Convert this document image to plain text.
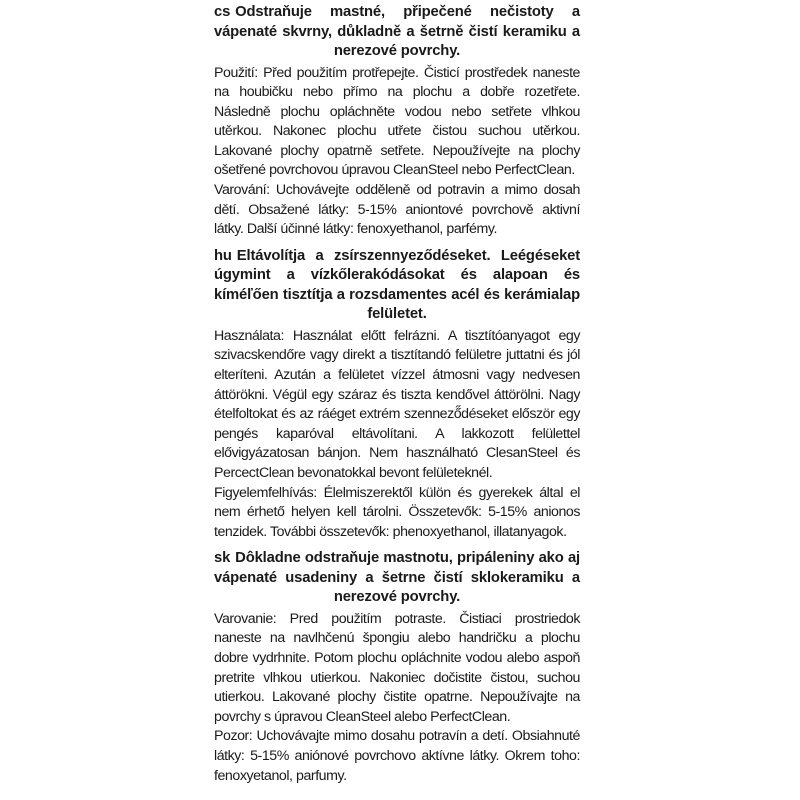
cs Odstraňuje mastné, připečené nečistoty a vápenaté skvrny, důkladně a šetrně čistí keramiku a nerezové povrchy.

Použití: Před použitím protřepejte. Čisticí prostředek naneste na houbičku nebo přímo na plochu a dobře rozetřete. Následně plochu opláchněte vodou nebo setřete vlhkou utěrkou. Nakonec plochu utřete čistou suchou utěrkou. Lakované plochy opatrně setřete. Nepoužívejte na plochy ošetřené povrchovou úpravou CleanSteel nebo PerfectClean.

Varování: Uchovávejte odděleně od potravin a mimo dosah dětí. Obsažené látky: 5-15% aniontové povrchově aktivní látky. Další účinné látky: fenoxyethanol, parfémy.

hu Eltávolítja a zsírszennyeződéseket. Leégéseket úgymint a vízkőlerakódásokat és alapoan és kíméľően tisztítja a rozsdamentes acél és kerámialap felületet.

Használata: Használat előtt felrázni. A tisztítóanyagot egy szivacskendőre vagy direkt a tisztítandó felületre juttatni és jól elteríteni. Azután a felületet vízzel átmosni vagy nedvesen áttörökni. Végül egy száraz és tiszta kendővel áttörölni. Nagy ételfoltokat és az ráéget extrém szennező̋déseket először egy pengés kaparóval eltávolítani. A lakkozott felülettel elővigyázatosan bánjon. Nem használható ClesanSteel és PercectClean bevonatokkal bevont felületeknél.

Figyelemfelhívás: Élelmiszerektől külön és gyerekek által el nem érhető helyen kell tárolni. Összetevők: 5-15% anionos tenzidek. További összetevők: phenoxyethanol, illatanyagok.

sk Dôkladne odstraňuje mastnotu, pripáleniny ako aj vápenaté usadeniny a šetrne čistí sklokeramiku a nerezové povrchy.

Varovanie: Pred použitím potraste. Čistiaci prostriedok naneste na navlhčenú špongiu alebo handričku a plochu dobre vydrhnite. Potom plochu opláchnite vodou alebo aspoň pretrite vlhkou utierkou. Nakoniec dočistite čistou, suchou utierkou. Lakované plochy čistite opatrne. Nepoužívajte na povrchy s úpravou CleanSteel alebo PerfectClean.

Pozor: Uchovávajte mimo dosahu potravín a detí. Obsiahnuté látky: 5-15% aniónové povrchovo aktívne látky. Okrem toho: fenoxyetanol, parfumy.
